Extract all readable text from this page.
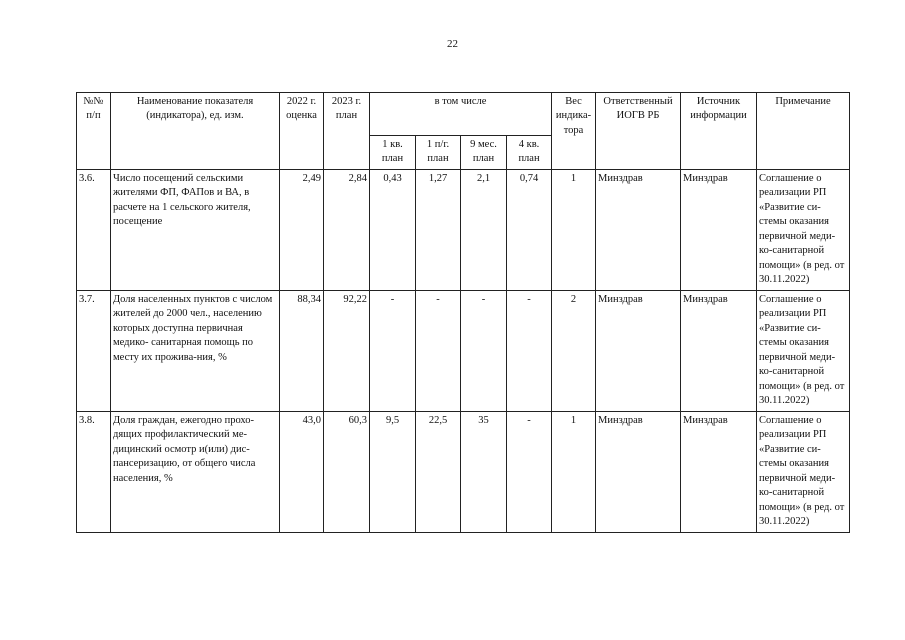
22
№№ п/п	Наименование показателя (индикатора), ед. изм.	2022 г. оценка	2023 г. план	в том числе				Вес индика-тора	Ответственный ИОГВ РБ	Источник информации	Примечание
				1 кв. план	1 п/г. план	9 мес. план	4 кв. план				
3.6.	Число посещений сельскими жителями ФП, ФАПов и ВА, в расчете на 1 сельского жителя, посещение	2,49	2,84	0,43	1,27	2,1	0,74	1	Минздрав	Минздрав	Соглашение о реализации РП «Развитие си-стемы оказания первичной меди-ко-санитарной помощи» (в ред. от 30.11.2022)
3.7.	Доля населенных пунктов с числом жителей до 2000 чел., населению которых доступна первичная медико- санитарная помощь по месту их прожива-ния, %	88,34	92,22	-	-	-	-	2	Минздрав	Минздрав	Соглашение о реализации РП «Развитие си-стемы оказания первичной меди-ко-санитарной помощи» (в ред. от 30.11.2022)
3.8.	Доля граждан, ежегодно прохо-дящих профилактический ме-дицинский осмотр и(или) дис-пансеризацию, от общего числа населения, %	43,0	60,3	9,5	22,5	35	-	1	Минздрав	Минздрав	Соглашение о реализации РП «Развитие си-стемы оказания первичной меди-ко-санитарной помощи» (в ред. от 30.11.2022)
